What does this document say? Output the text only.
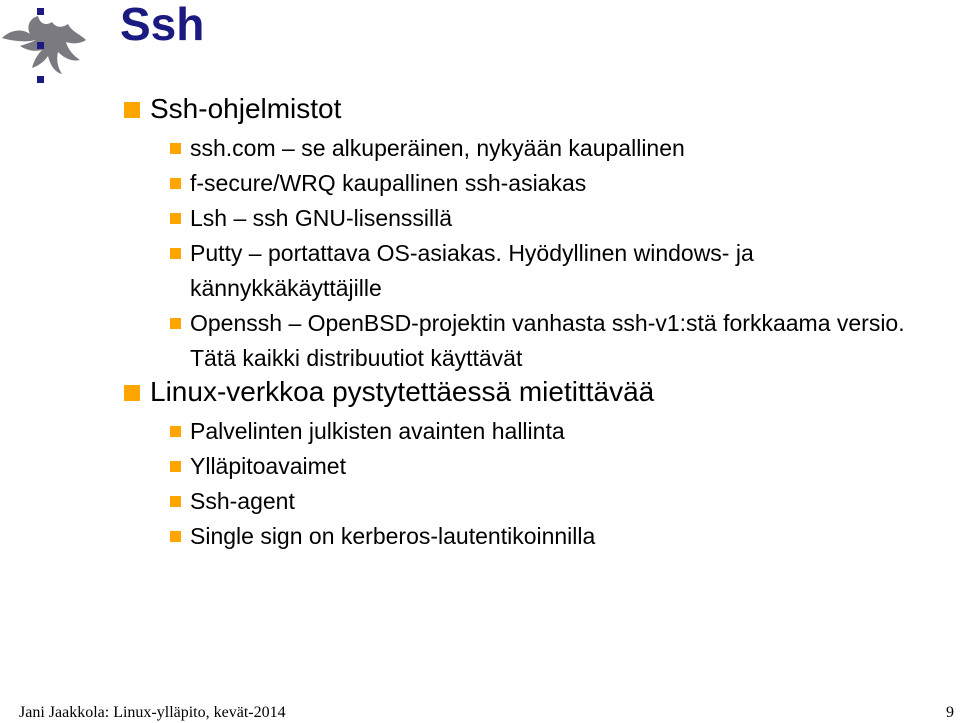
Ssh
Ssh-ohjelmistot
ssh.com – se alkuperäinen, nykyään kaupallinen
f-secure/WRQ kaupallinen ssh-asiakas
Lsh – ssh GNU-lisenssillä
Putty – portattava OS-asiakas. Hyödyllinen windows- ja kännykkäkäyttäjille
Openssh – OpenBSD-projektin vanhasta ssh-v1:stä forkkaama versio. Tätä kaikki distribuutiot käyttävät
Linux-verkkoa pystytettäessä mietittävää
Palvelinten julkisten avainten hallinta
Ylläpitoavaimet
Ssh-agent
Single sign on kerberos-lautentikoinnilla
Jani Jaakkola: Linux-ylläpito, kevät-2014	9
